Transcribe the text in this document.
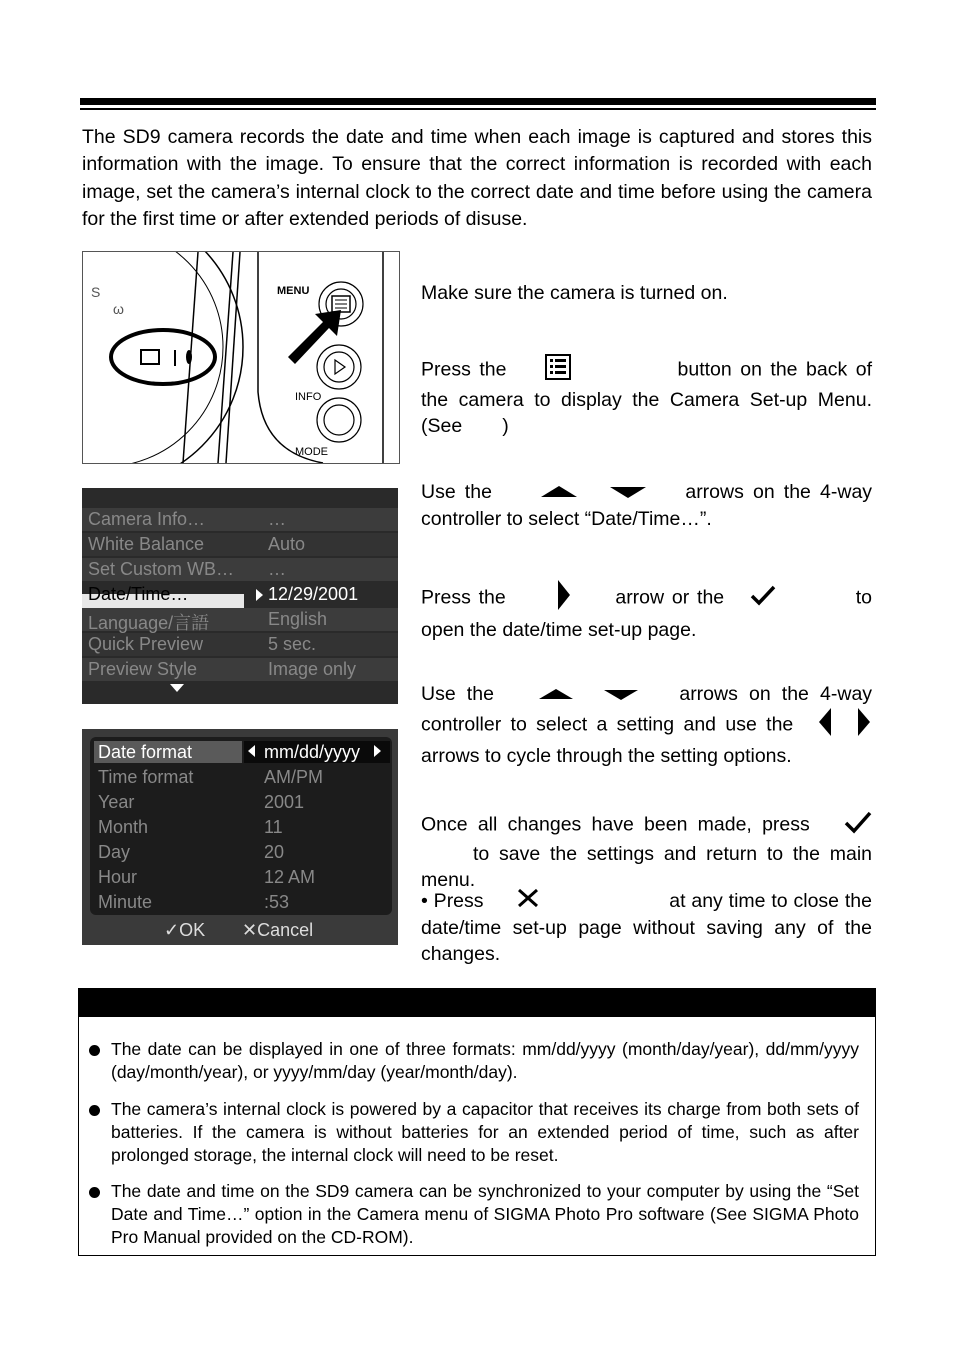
The SD9 camera records the date and time when each image is captured and stores this information with the image. To ensure that the correct information is recorded with each image, set the camera’s internal clock to the correct date and time before using the camera for the first time or after extended periods of disuse.
S
ω
MENU
INFO
MODE
Make sure the camera is turned on.
Press the	button on the back of the camera to display the Camera Set-up Menu. (See )
Camera Info…	…
White Balance	Auto
Set Custom WB… …
Date/Time…	12/29/2001
Language/言語	English
Quick Preview	5 sec.
Preview Style	Image only
Use the	arrows on the 4-way controller to select “Date/Time…”.
Press the	arrow or the	to open the date/time set-up page.
Date format	mm/dd/yyyy
Time format	AM/PM
Year	2001
Month	11
Day	20
Hour	12 AM
Minute	:53
✓OK ✕Cancel
Use the	arrows on the 4-way controller to select a setting and use the   arrows to cycle through the setting options.
Once all changes have been made, press  to save the settings and return to the main menu.
• Press	at any time to close the date/time set-up page without saving any of the changes.
The date can be displayed in one of three formats: mm/dd/yyyy (month/day/year), dd/mm/yyyy (day/month/year), or yyyy/mm/day (year/month/day).
The camera’s internal clock is powered by a capacitor that receives its charge from both sets of batteries. If the camera is without batteries for an extended period of time, such as after prolonged storage, the internal clock will need to be reset.
The date and time on the SD9 camera can be synchronized to your computer by using the “Set Date and Time…” option in the Camera menu of SIGMA Photo Pro software (See SIGMA Photo Pro Manual provided on the CD-ROM).
